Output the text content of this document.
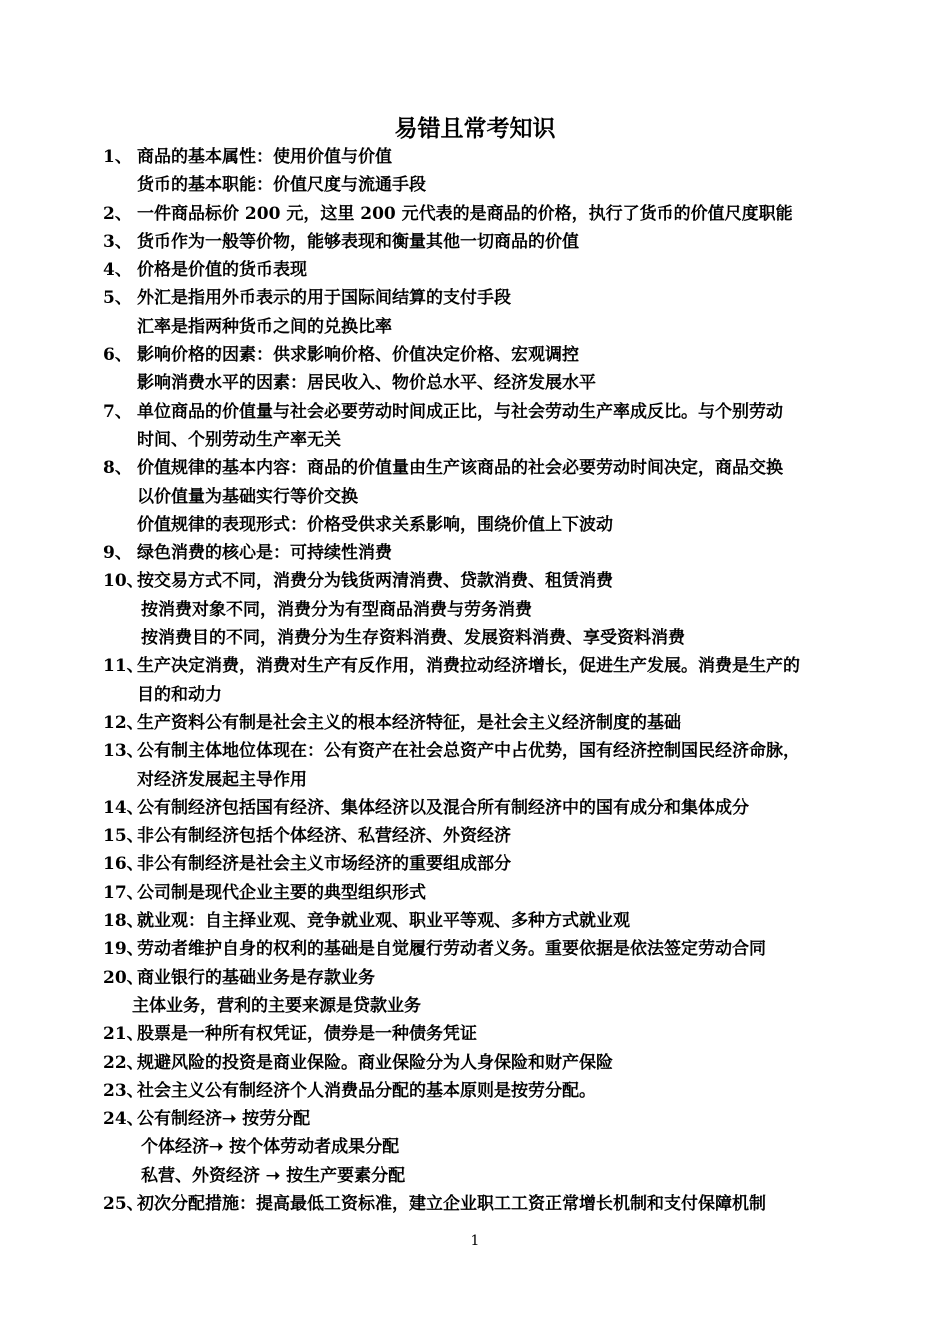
易错且常考知识
1、 商品的基本属性：使用价值与价值
货币的基本职能：价值尺度与流通手段
2、 一件商品标价 200 元，这里 200 元代表的是商品的价格，执行了货币的价值尺度职能
3、 货币作为一般等价物，能够表现和衡量其他一切商品的价值
4、 价格是价值的货币表现
5、 外汇是指用外币表示的用于国际间结算的支付手段
汇率是指两种货币之间的兑换比率
6、 影响价格的因素：供求影响价格、价值决定价格、宏观调控
影响消费水平的因素：居民收入、物价总水平、经济发展水平
7、 单位商品的价值量与社会必要劳动时间成正比，与社会劳动生产率成反比。与个别劳动
时间、个别劳动生产率无关
8、 价值规律的基本内容：商品的价值量由生产该商品的社会必要劳动时间决定，商品交换
以价值量为基础实行等价交换
价值规律的表现形式：价格受供求关系影响，围绕价值上下波动
9、 绿色消费的核心是：可持续性消费
10、
按交易方式不同，消费分为钱货两清消费、贷款消费、租赁消费
按消费对象不同，消费分为有型商品消费与劳务消费
按消费目的不同，消费分为生存资料消费、发展资料消费、享受资料消费
11、
生产决定消费，消费对生产有反作用，消费拉动经济增长，促进生产发展。消费是生产的
目的和动力
12、
生产资料公有制是社会主义的根本经济特征，是社会主义经济制度的基础
13、
公有制主体地位体现在：公有资产在社会总资产中占优势，国有经济控制国民经济命脉，
对经济发展起主导作用
14、
公有制经济包括国有经济、集体经济以及混合所有制经济中的国有成分和集体成分
15、
非公有制经济包括个体经济、私营经济、外资经济
16、
非公有制经济是社会主义市场经济的重要组成部分
17、
公司制是现代企业主要的典型组织形式
18、
就业观：自主择业观、竞争就业观、职业平等观、多种方式就业观
19、
劳动者维护自身的权利的基础是自觉履行劳动者义务。重要依据是依法签定劳动合同
20、
商业银行的基础业务是存款业务
主体业务，营利的主要来源是贷款业务
21、
股票是一种所有权凭证，债券是一种债务凭证
22、
规避风险的投资是商业保险。商业保险分为人身保险和财产保险
23、
社会主义公有制经济个人消费品分配的基本原则是按劳分配。
24、
公有制经济➝ 按劳分配
个体经济➝ 按个体劳动者成果分配
私营、外资经济 ➝ 按生产要素分配
25、
初次分配措施：提高最低工资标准，建立企业职工工资正常增长机制和支付保障机制
1
